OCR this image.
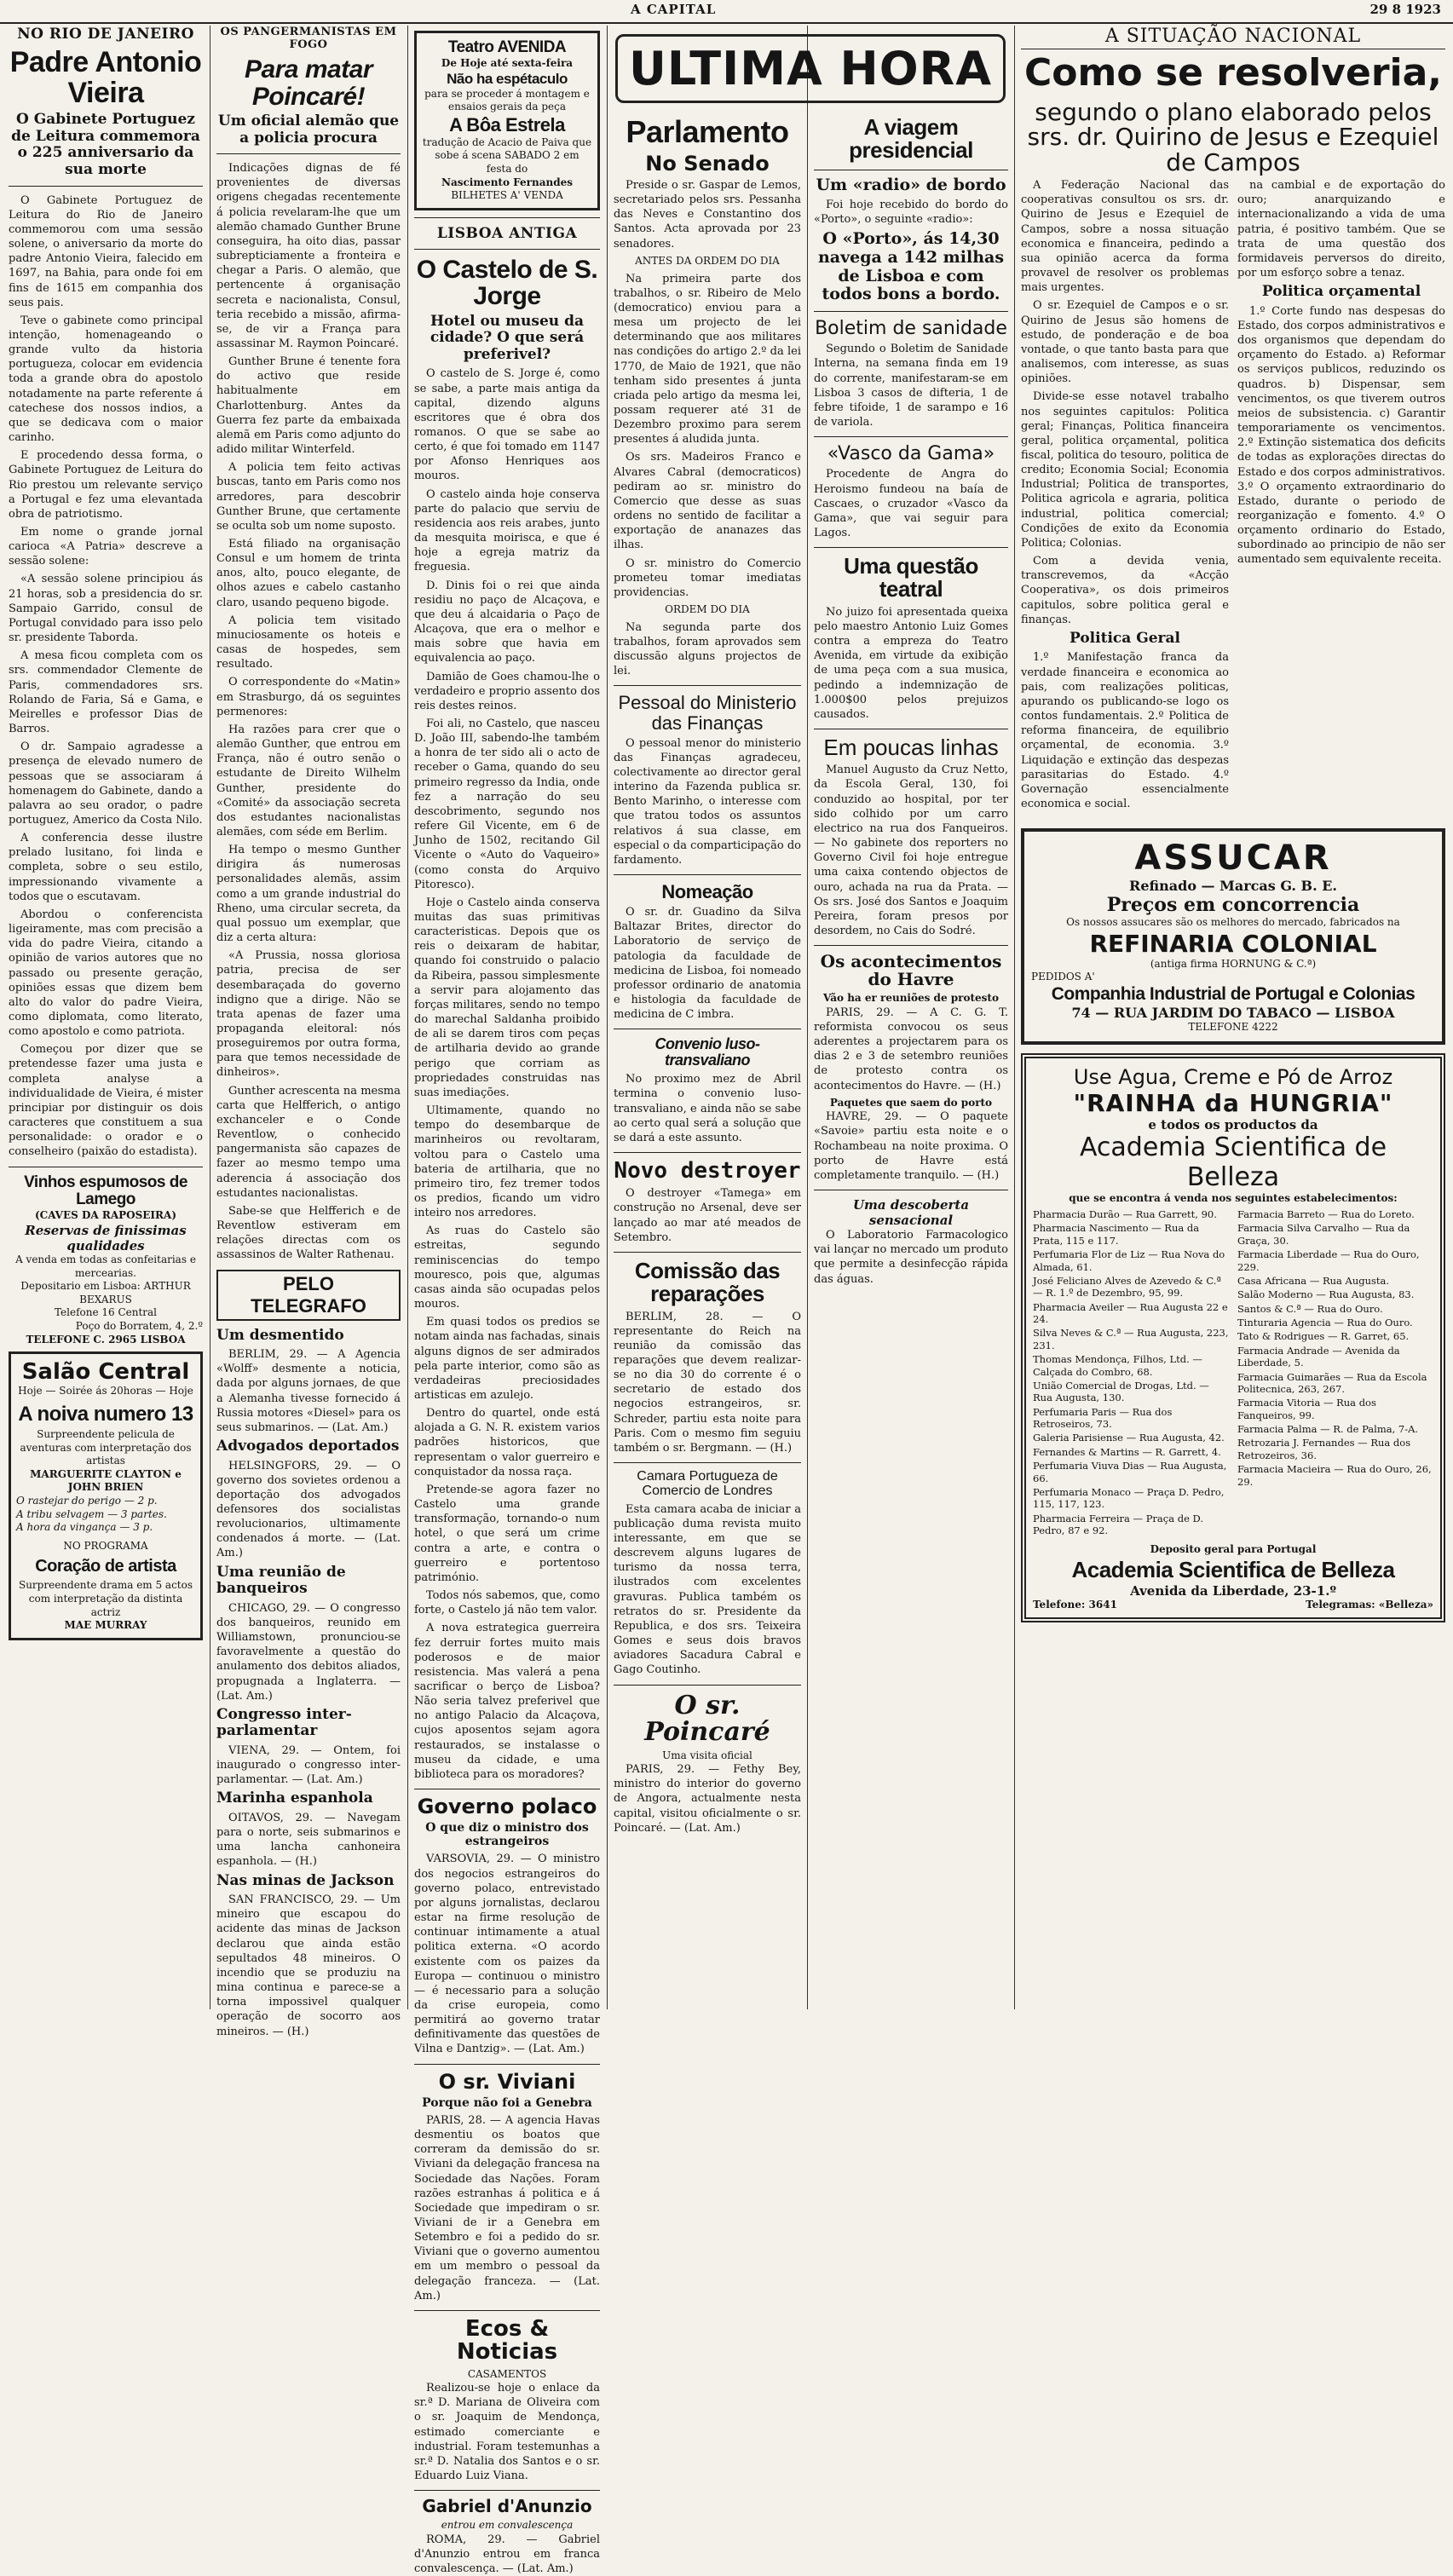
A CAPITAL	29 8 1923
NO RIO DE JANEIRO
Padre Antonio Vieira
O Gabinete Portuguez de Leitura commemora o 225 anniversario da sua morte

O Gabinete Portuguez de Leitura do Rio de Janeiro commemorou com uma sessão solene, o aniversario da morte do padre Antonio Vieira, falecido em 1697, na Bahia, para onde foi em fins de 1615 em companhia dos seus pais.

Teve o gabinete como principal intenção, homenageando o grande vulto da historia portugueza, colocar em evidencia toda a grande obra do apostolo notadamente na parte referente á catechese dos nossos indios, a que se dedicava com o maior carinho.

E procedendo dessa forma, o Gabinete Portuguez de Leitura do Rio prestou um relevante serviço a Portugal e fez uma elevantada obra de patriotismo.

Em nome o grande jornal carioca «A Patria» descreve a sessão solene:

«A sessão solene principiou ás 21 horas, sob a presidencia do sr. Sampaio Garrido, consul de Portugal convidado para isso pelo sr. presidente Taborda.

A mesa ficou completa com os srs. commendador Clemente de Paris, commendadores srs. Rolando de Faria, Sá e Gama, e Meirelles e professor Dias de Barros.

O dr. Sampaio agradesse a presença de elevado numero de pessoas que se associaram á homenagem do Gabinete, dando a palavra ao seu orador, o padre portuguez, Americo da Costa Nilo.

A conferencia desse ilustre prelado lusitano, foi linda e completa, sobre o seu estilo, impressionando vivamente a todos que o escutavam.

Abordou o conferencista ligeiramente, mas com precisão a vida do padre Vieira, citando a opinião de varios autores que no passado ou presente geração, opiniões essas que dizem bem alto do valor do padre Vieira, como diplomata, como literato, como apostolo e como patriota.

Começou por dizer que se pretendesse fazer uma justa e completa analyse a individualidade de Vieira, é mister principiar por distinguir os dois caracteres que constituem a sua personalidade: o orador e o conselheiro (paixão do estadista).

Vinhos espumosos de Lamego
(CAVES DA RAPOSEIRA)
Reservas de finissimas qualidades
A venda em todas as confeitarias e mercearias.
Depositario em Lisboa: ARTHUR BEXARUS
Telefone 16 Central
Poço do Borratem, 4, 2.º
TELEFONE C. 2965 LISBOA
Salão Central
Hoje — Soirée ás 20horas — Hoje
A noiva numero 13
Surpreendente pelicula de aventuras com interpretação dos artistas
MARGUERITE CLAYTON e JOHN BRIEN
O rastejar do perigo — 2 p.
A tribu selvagem — 3 partes.
A hora da vingança — 3 p.
NO PROGRAMA
Coração de artista
Surpreendente drama em 5 actos com interpretação da distinta actriz
MAE MURRAY
OS PANGERMANISTAS EM FOGO
Para matar Poincaré!
Um oficial alemão que a policia procura

Indicações dignas de fé provenientes de diversas origens chegadas recentemente á policia revelaram-lhe que um alemão chamado Gunther Brune conseguira, ha oito dias, passar subrepticiamente a fronteira e chegar a Paris. O alemão, que pertencente á organisação secreta e nacionalista, Consul, teria recebido a missão, afirma-se, de vir a França para assassinar M. Raymon Poincaré.

Gunther Brune é tenente fora do activo que reside habitualmente em Charlottenburg. Antes da Guerra fez parte da embaixada alemã em Paris como adjunto do adido militar Winterfeld.

A policia tem feito activas buscas, tanto em Paris como nos arredores, para descobrir Gunther Brune, que certamente se oculta sob um nome suposto.

Está filiado na organisação Consul e um homem de trinta anos, alto, pouco elegante, de olhos azues e cabelo castanho claro, usando pequeno bigode.

A policia tem visitado minuciosamente os hoteis e casas de hospedes, sem resultado.

O correspondente do «Matin» em Strasburgo, dá os seguintes permenores:

Ha razões para crer que o alemão Gunther, que entrou em França, não é outro senão o estudante de Direito Wilhelm Gunther, presidente do «Comité» da associação secreta dos estudantes nacionalistas alemães, com séde em Berlim.

Ha tempo o mesmo Gunther dirigira ás numerosas personalidades alemãs, assim como a um grande industrial do Rheno, uma circular secreta, da qual possuo um exemplar, que diz a certa altura:

«A Prussia, nossa gloriosa patria, precisa de ser desembaraçada do governo indigno que a dirige. Não se trata apenas de fazer uma propaganda eleitoral: nós proseguiremos por outra forma, para que temos necessidade de dinheiros».

Gunther acrescenta na mesma carta que Helfferich, o antigo exchanceler e o Conde Reventlow, o conhecido pangermanista são capazes de fazer ao mesmo tempo uma aderencia á associação dos estudantes nacionalistas.

Sabe-se que Helfferich e de Reventlow estiveram em relações directas com os assassinos de Walter Rathenau.

PELO TELEGRAFO
Um desmentido

BERLIM, 29. — A Agencia «Wolff» desmente a noticia, dada por alguns jornaes, de que a Alemanha tivesse fornecido á Russia motores «Diesel» para os seus submarinos. — (Lat. Am.)

Advogados deportados

HELSINGFORS, 29. — O governo dos sovietes ordenou a deportação dos advogados defensores dos socialistas revolucionarios, ultimamente condenados á morte. — (Lat. Am.)

Uma reunião de banqueiros

CHICAGO, 29. — O congresso dos banqueiros, reunido em Williamstown, pronunciou-se favoravelmente a questão do anulamento dos debitos aliados, propugnada a Inglaterra. — (Lat. Am.)

Congresso inter-parlamentar

VIENA, 29. — Ontem, foi inaugurado o congresso inter-parlamentar. — (Lat. Am.)

Marinha espanhola

OITAVOS, 29. — Navegam para o norte, seis submarinos e uma lancha canhoneira espanhola. — (H.)

Nas minas de Jackson

SAN FRANCISCO, 29. — Um mineiro que escapou do acidente das minas de Jackson declarou que ainda estão sepultados 48 mineiros. O incendio que se produziu na mina continua e parece-se a torna impossivel qualquer operação de socorro aos mineiros. — (H.)

Teatro AVENIDA
De Hoje até sexta-feira
Não ha espétaculo
para se proceder á montagem e ensaios gerais da peça
A Bôa Estrela
tradução de Acacio de Paiva que sobe á scena SABADO 2 em festa do
Nascimento Fernandes
BILHETES A' VENDA
LISBOA ANTIGA
O Castelo de S. Jorge
Hotel ou museu da cidade? O que será preferivel?

O castelo de S. Jorge é, como se sabe, a parte mais antiga da capital, dizendo alguns escritores que é obra dos romanos. O que se sabe ao certo, é que foi tomado em 1147 por Afonso Henriques aos mouros.

O castelo ainda hoje conserva parte do palacio que serviu de residencia aos reis arabes, junto da mesquita moirisca, e que é hoje a egreja matriz da freguesia.

D. Dinis foi o rei que ainda residiu no paço de Alcaçova, e que deu á alcaidaria o Paço de Alcaçova, que era o melhor e mais sobre que havia em equivalencia ao paço.

Damião de Goes chamou-lhe o verdadeiro e proprio assento dos reis destes reinos.

Foi ali, no Castelo, que nasceu D. João III, sabendo-lhe também a honra de ter sido ali o acto de receber o Gama, quando do seu primeiro regresso da India, onde fez a narração do seu descobrimento, segundo nos refere Gil Vicente, em 6 de Junho de 1502, recitando Gil Vicente o «Auto do Vaqueiro» (como consta do Arquivo Pitoresco).

Hoje o Castelo ainda conserva muitas das suas primitivas caracteristicas. Depois que os reis o deixaram de habitar, quando foi construido o palacio da Ribeira, passou simplesmente a servir para alojamento das forças militares, sendo no tempo do marechal Saldanha proibido de ali se darem tiros com peças de artilharia devido ao grande perigo que corriam as propriedades construidas nas suas imediações.

Ultimamente, quando no tempo do desembarque de marinheiros ou revoltaram, voltou para o Castelo uma bateria de artilharia, que no primeiro tiro, fez tremer todos os predios, ficando um vidro inteiro nos arredores.

As ruas do Castelo são estreitas, segundo reminiscencias do tempo mouresco, pois que, algumas casas ainda são ocupadas pelos mouros.

Em quasi todos os predios se notam ainda nas fachadas, sinais alguns dignos de ser admirados pela parte interior, como são as verdadeiras preciosidades artisticas em azulejo.

Dentro do quartel, onde está alojada a G. N. R. existem varios padrões historicos, que representam o valor guerreiro e conquistador da nossa raça.

Pretende-se agora fazer no Castelo uma grande transformação, tornando-o num hotel, o que será um crime contra a arte, e contra o guerreiro e portentoso património.

Todos nós sabemos, que, como forte, o Castelo já não tem valor.

A nova estrategica guerreira fez derruir fortes muito mais poderosos e de maior resistencia. Mas valerá a pena sacrificar o berço de Lisboa? Não seria talvez preferivel que no antigo Palacio da Alcaçova, cujos aposentos sejam agora restaurados, se instalasse o museu da cidade, e uma biblioteca para os moradores?

Governo polaco
O que diz o ministro dos estrangeiros

VARSOVIA, 29. — O ministro dos negocios estrangeiros do governo polaco, entrevistado por alguns jornalistas, declarou estar na firme resolução de continuar intimamente a atual politica externa. «O acordo existente com os paizes da Europa — continuou o ministro — é necessario para a solução da crise europeia, como permitirá ao governo tratar definitivamente das questões de Vilna e Dantzig». — (Lat. Am.)

O sr. Viviani
Porque não foi a Genebra

PARIS, 28. — A agencia Havas desmentiu os boatos que correram da demissão do sr. Viviani da delegação francesa na Sociedade das Nações. Foram razões estranhas á politica e á Sociedade que impediram o sr. Viviani de ir a Genebra em Setembro e foi a pedido do sr. Viviani que o governo aumentou em um membro o pessoal da delegação franceza. — (Lat. Am.)

Ecos & Noticias
CASAMENTOS

Realizou-se hoje o enlace da sr.ª D. Mariana de Oliveira com o sr. Joaquim de Mendonça, estimado comerciante e industrial. Foram testemunhas a sr.ª D. Natalia dos Santos e o sr. Eduardo Luiz Viana.

Gabriel d'Anunzio
entrou em convalescença

ROMA, 29. — Gabriel d'Anunzio entrou em franca convalescença. — (Lat. Am.)

ULTIMA HORA
Parlamento
No Senado

Preside o sr. Gaspar de Lemos, secretariado pelos srs. Pessanha das Neves e Constantino dos Santos. Acta aprovada por 23 senadores.

ANTES DA ORDEM DO DIA

Na primeira parte dos trabalhos, o sr. Ribeiro de Melo (democratico) enviou para a mesa um projecto de lei determinando que aos militares nas condições do artigo 2.º da lei 1770, de Maio de 1921, que não tenham sido presentes á junta criada pelo artigo da mesma lei, possam requerer até 31 de Dezembro proximo para serem presentes á aludida junta.

Os srs. Madeiros Franco e Alvares Cabral (democraticos) pediram ao sr. ministro do Comercio que desse as suas ordens no sentido de facilitar a exportação de ananazes das ilhas.

O sr. ministro do Comercio prometeu tomar imediatas providencias.

ORDEM DO DIA

Na segunda parte dos trabalhos, foram aprovados sem discussão alguns projectos de lei.

Pessoal do Ministerio das Finanças

O pessoal menor do ministerio das Finanças agradeceu, colectivamente ao director geral interino da Fazenda publica sr. Bento Marinho, o interesse com que tratou todos os assuntos relativos á sua classe, em especial o da comparticipação do fardamento.

Nomeação

O sr. dr. Guadino da Silva Baltazar Brites, director do Laboratorio de serviço de patologia da faculdade de medicina de Lisboa, foi nomeado professor ordinario de anatomia e histologia da faculdade de medicina de C imbra.

Convenio luso-transvaliano

No proximo mez de Abril termina o convenio luso-transvaliano, e ainda não se sabe ao certo qual será a solução que se dará a este assunto.

Novo destroyer

O destroyer «Tamega» em construção no Arsenal, deve ser lançado ao mar até meados de Setembro.

Comissão das reparações

BERLIM, 28. — O representante do Reich na reunião da comissão das reparações que devem realizar-se no dia 30 do corrente é o secretario de estado dos negocios estrangeiros, sr. Schreder, partiu esta noite para Paris. Com o mesmo fim seguiu também o sr. Bergmann. — (H.)

Camara Portugueza de Comercio de Londres

Esta camara acaba de iniciar a publicação duma revista muito interessante, em que se descrevem alguns lugares de turismo da nossa terra, ilustrados com excelentes gravuras. Publica também os retratos do sr. Presidente da Republica, e dos srs. Teixeira Gomes e seus dois bravos aviadores Sacadura Cabral e Gago Coutinho.

O sr. Poincaré
Uma visita oficial

PARIS, 29. — Fethy Bey, ministro do interior do governo de Angora, actualmente nesta capital, visitou oficialmente o sr. Poincaré. — (Lat. Am.)

A viagem presidencial
Um «radio» de bordo

Foi hoje recebido do bordo do «Porto», o seguinte «radio»:

O «Porto», ás 14,30 navega a 142 milhas de Lisboa e com todos bons a bordo.
Boletim de sanidade

Segundo o Boletim de Sanidade Interna, na semana finda em 19 do corrente, manifestaram-se em Lisboa 3 casos de difteria, 1 de febre tifoide, 1 de sarampo e 16 de variola.

«Vasco da Gama»

Procedente de Angra do Heroismo fundeou na baía de Cascaes, o cruzador «Vasco da Gama», que vai seguir para Lagos.

Uma questão teatral

No juizo foi apresentada queixa pelo maestro Antonio Luiz Gomes contra a empreza do Teatro Avenida, em virtude da exibição de uma peça com a sua musica, pedindo a indemnização de 1.000$00 pelos prejuizos causados.

Em poucas linhas

Manuel Augusto da Cruz Netto, da Escola Geral, 130, foi conduzido ao hospital, por ter sido colhido por um carro electrico na rua dos Fanqueiros. — No gabinete dos reporters no Governo Civil foi hoje entregue uma caixa contendo objectos de ouro, achada na rua da Prata. — Os srs. José dos Santos e Joaquim Pereira, foram presos por desordem, no Cais do Sodré.

Os acontecimentos do Havre
Vão ha er reuniões de protesto

PARIS, 29. — A C. G. T. reformista convocou os seus aderentes a projectarem para os dias 2 e 3 de setembro reuniões de protesto contra os acontecimentos do Havre. — (H.)

Paquetes que saem do porto

HAVRE, 29. — O paquete «Savoie» partiu esta noite e o Rochambeau na noite proxima. O porto de Havre está completamente tranquilo. — (H.)

Uma descoberta sensacional

O Laboratorio Farmacologico vai lançar no mercado um produto que permite a desinfecção rápida das águas.

A SITUAÇÃO NACIONAL
Como se resolveria,
segundo o plano elaborado pelos srs. dr. Quirino de Jesus e Ezequiel de Campos

A Federação Nacional das cooperativas consultou os srs. dr. Quirino de Jesus e Ezequiel de Campos, sobre a nossa situação economica e financeira, pedindo a sua opinião acerca da forma provavel de resolver os problemas mais urgentes.

O sr. Ezequiel de Campos e o sr. Quirino de Jesus são homens de estudo, de ponderação e de boa vontade, o que tanto basta para que analisemos, com interesse, as suas opiniões.

Divide-se esse notavel trabalho nos seguintes capitulos: Politica geral; Finanças, Politica financeira geral, politica orçamental, politica fiscal, politica do tesouro, politica de credito; Economia Social; Economia Industrial; Politica de transportes, Politica agricola e agraria, politica industrial, politica comercial; Condições de exito da Economia Politica; Colonias.

Com a devida venia, transcrevemos, da «Acção Cooperativa», os dois primeiros capitulos, sobre politica geral e finanças.

Politica Geral

1.º Manifestação franca da verdade financeira e economica ao pais, com realizações politicas, apurando os publicando-se logo os contos fundamentais. 2.º Politica de reforma financeira, de equilibrio orçamental, de economia. 3.º Liquidação e extinção das despezas parasitarias do Estado. 4.º Governação essencialmente economica e social.

na cambial e de exportação do ouro; anarquizando e internacionalizando a vida de uma patria, é positivo também. Que se trata de uma questão dos formidaveis perversos do direito, por um esforço sobre a tenaz.

Politica orçamental

1.º Corte fundo nas despesas do Estado, dos corpos administrativos e dos organismos que dependam do orçamento do Estado. a) Reformar os serviços publicos, reduzindo os quadros. b) Dispensar, sem vencimentos, os que tiverem outros meios de subsistencia. c) Garantir temporariamente os vencimentos. 2.º Extinção sistematica dos deficits de todas as explorações directas do Estado e dos corpos administrativos. 3.º O orçamento extraordinario do Estado, durante o periodo de reorganização e fomento. 4.º O orçamento ordinario do Estado, subordinado ao principio de não ser aumentado sem equivalente receita.

ASSUCAR
Refinado — Marcas G. B. E.
Preços em concorrencia
Os nossos assucares são os melhores do mercado, fabricados na
REFINARIA COLONIAL
(antiga firma HORNUNG & C.ª)
PEDIDOS A'
Companhia Industrial de Portugal e Colonias
74 — RUA JARDIM DO TABACO — LISBOA
TELEFONE 4222
Use Agua, Creme e Pó de Arroz
"RAINHA da HUNGRIA"
e todos os productos da
Academia Scientifica de Belleza
que se encontra á venda nos seguintes estabelecimentos:
Pharmacia Durão — Rua Garrett, 90.
Pharmacia Nascimento — Rua da Prata, 115 e 117.
Perfumaria Flor de Liz — Rua Nova do Almada, 61.
José Feliciano Alves de Azevedo & C.ª — R. 1.º de Dezembro, 95, 99.
Pharmacia Aveiler — Rua Augusta 22 e 24.
Silva Neves & C.ª — Rua Augusta, 223, 231.
Thomas Mendonça, Filhos, Ltd. — Calçada do Combro, 68.
União Comercial de Drogas, Ltd. — Rua Augusta, 130.
Perfumaria Paris — Rua dos Retroseiros, 73.
Galeria Parisiense — Rua Augusta, 42.
Fernandes & Martins — R. Garrett, 4.
Perfumaria Viuva Dias — Rua Augusta, 66.
Perfumaria Monaco — Praça D. Pedro, 115, 117, 123.
Pharmacia Ferreira — Praça de D. Pedro, 87 e 92.
Farmacia Barreto — Rua do Loreto.
Farmacia Silva Carvalho — Rua da Graça, 30.
Farmacia Liberdade — Rua do Ouro, 229.
Casa Africana — Rua Augusta.
Salão Moderno — Rua Augusta, 83.
Santos & C.ª — Rua do Ouro.
Tinturaria Agencia — Rua do Ouro.
Tato & Rodrigues — R. Garret, 65.
Farmacia Andrade — Avenida da Liberdade, 5.
Farmacia Guimarães — Rua da Escola Politecnica, 263, 267.
Farmacia Vitoria — Rua dos Fanqueiros, 99.
Farmacia Palma — R. de Palma, 7-A.
Retrozaria J. Fernandes — Rua dos Retrozeiros, 36.
Farmacia Macieira — Rua do Ouro, 26, 29.
Deposito geral para Portugal
Academia Scientifica de Belleza
Avenida da Liberdade, 23-1.º
Telefone: 3641	Telegramas: «Belleza»
